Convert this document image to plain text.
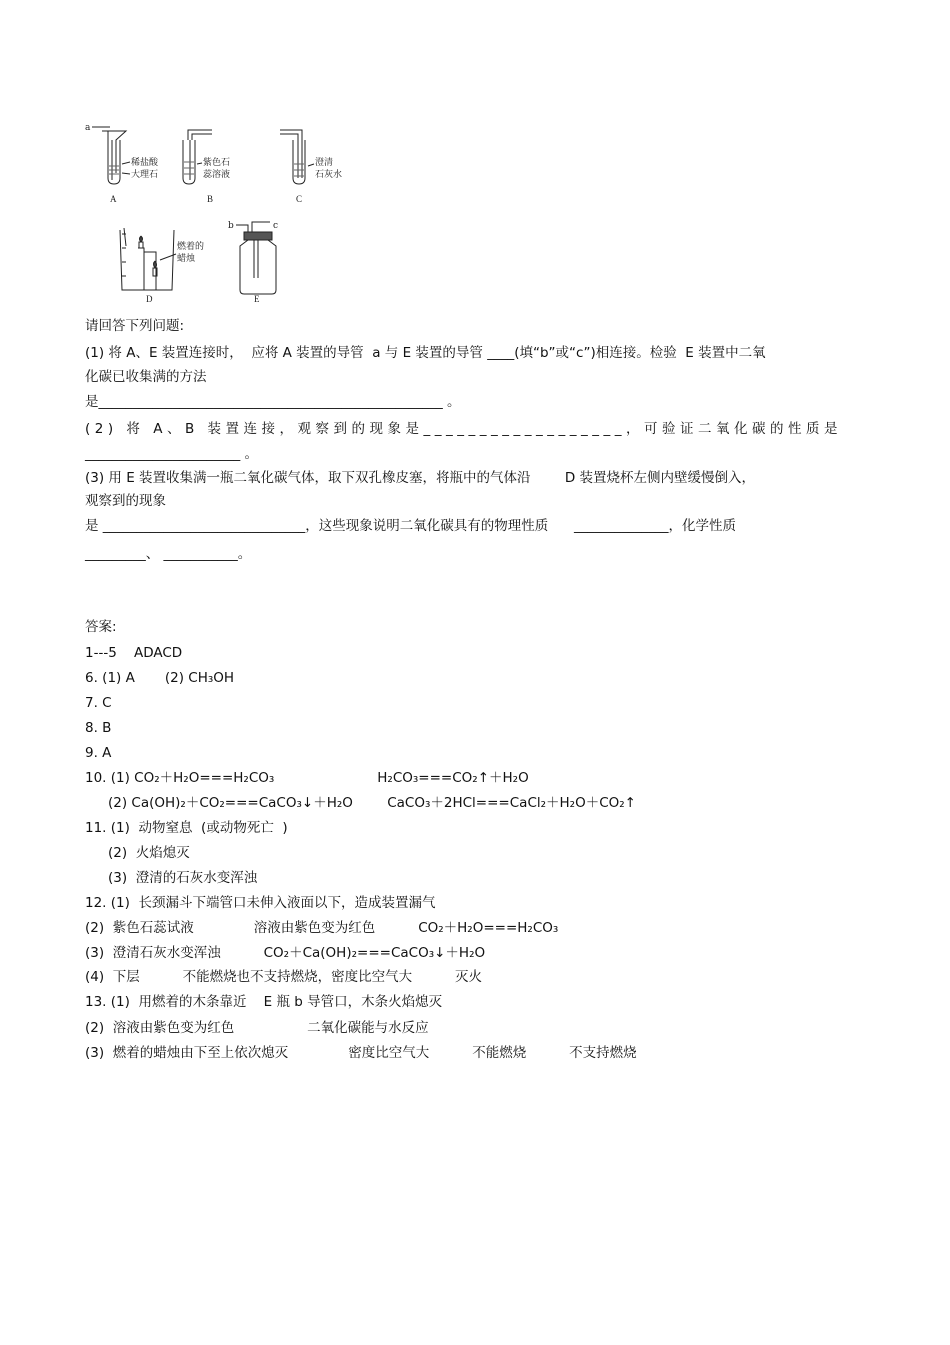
a
稀盐酸
大理石
A
紫色石
蕊溶液
B
澄清
石灰水
C
燃着的
蜡烛
D
b	c
E
请回答下列问题:
(1) 将 A、E 装置连接时，  应将 A 装置的导管  a 与 E 装置的导管 ____(填“b”或“c”)相连接。检验  E 装置中二氧
化碳已收集满的方法
是___________________________________________________ 。
(2) 将 A、B 装置连接，观察到的现象是__________________，可验证二氧化碳的性质是
_______________________ 。
(3) 用 E 装置收集满一瓶二氧化碳气体，取下双孔橡皮塞，将瓶中的气体沿        D 装置烧杯左侧内壁缓慢倒入，
观察到的现象
是 ______________________________，这些现象说明二氧化碳具有的物理性质      ______________，化学性质
_________、 ___________。
答案:
1---5    ADACD
6. (1) A       (2) CH₃OH
7. C
8. B
9. A
10. (1) CO₂＋H₂O===H₂CO₃                        H₂CO₃===CO₂↑＋H₂O
(2) Ca(OH)₂＋CO₂===CaCO₃↓＋H₂O        CaCO₃＋2HCl===CaCl₂＋H₂O＋CO₂↑
11. (1)  动物窒息  (或动物死亡  )
(2)  火焰熄灭
(3)  澄清的石灰水变浑浊
12. (1)  长颈漏斗下端管口未伸入液面以下，造成装置漏气
(2)  紫色石蕊试液              溶液由紫色变为红色          CO₂＋H₂O===H₂CO₃
(3)  澄清石灰水变浑浊          CO₂＋Ca(OH)₂===CaCO₃↓＋H₂O
(4)  下层          不能燃烧也不支持燃烧，密度比空气大          灭火
13. (1)  用燃着的木条靠近    E 瓶 b 导管口，木条火焰熄灭
(2)  溶液由紫色变为红色                 二氧化碳能与水反应
(3)  燃着的蜡烛由下至上依次熄灭              密度比空气大          不能燃烧          不支持燃烧
